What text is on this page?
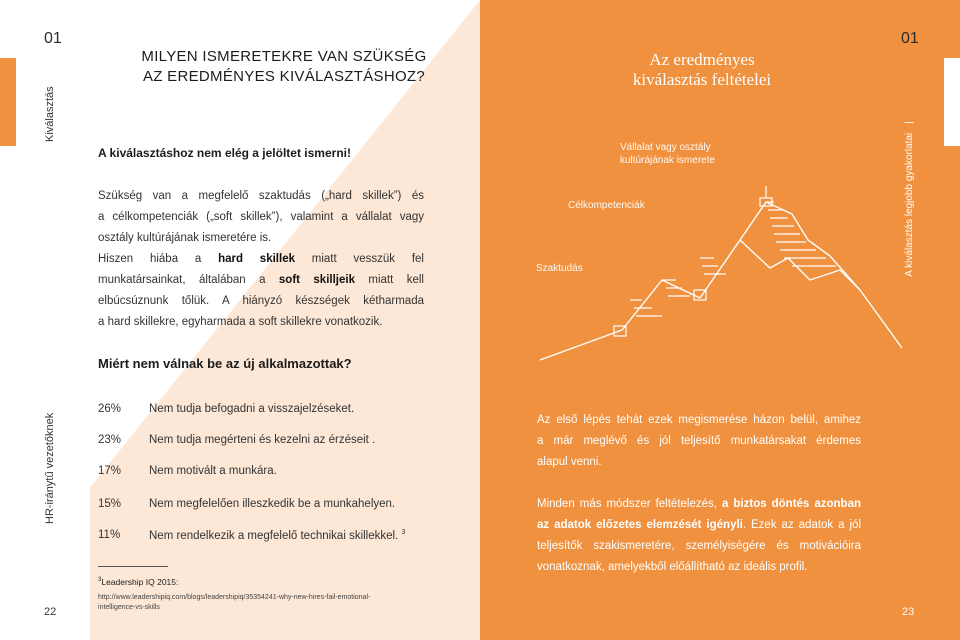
01
Kiválasztás
MILYEN ISMERETEKRE VAN SZÜKSÉG
AZ EREDMÉNYES KIVÁLASZTÁSHOZ?
A kiválasztáshoz nem elég a jelöltet ismerni!
Szükség van a megfelelő szaktudás („hard skillek”) és
a célkompetenciák („soft skillek”), valamint a vállalat vagy
osztály kultúrájának ismeretére is.
Hiszen hiába a hard skillek miatt vesszük fel
munkatársainkat, általában a soft skilljeik miatt kell
elbúcsúznunk tőlük. A hiányzó készségek kétharmada
a hard skillekre, egyharmada a soft skillekre vonatkozik.
Miért nem válnak be az új alkalmazottak?
HR-iránytű vezetőknek
26% Nem tudja befogadni a visszajelzéseket.
23% Nem tudja megérteni és kezelni az érzéseit .
17% Nem motivált a munkára.
15% Nem megfelelően illeszkedik be a munkahelyen.
11%	Nem rendelkezik a megfelelő technikai skillekkel. $^3$
$^3$Leadership IQ 2015:
http://www.leadershipiq.com/blogs/leadershipiq/35354241-why-new-hires-fail-emotional-
intelligence-vs-skills
22
01
A kiválasztás legjobb gyakorlatai | Kiválasztás
Az eredményes
kiválasztás feltételei
Vállalat vagy osztály
kultúrájának ismerete
Célkompetenciák
Szaktudás
Az első lépés tehát ezek megismerése házon belül, amihez
a már meglévő és jól teljesítő munkatársakat érdemes
alapul venni.
Minden más módszer feltételezés, a biztos döntés azonban
az adatok előzetes elemzését igényli. Ezek az adatok a jól
teljesítők szakismeretére, személyiségére és motivációira
vonatkoznak, amelyekből előállítható az ideális profil.
23
